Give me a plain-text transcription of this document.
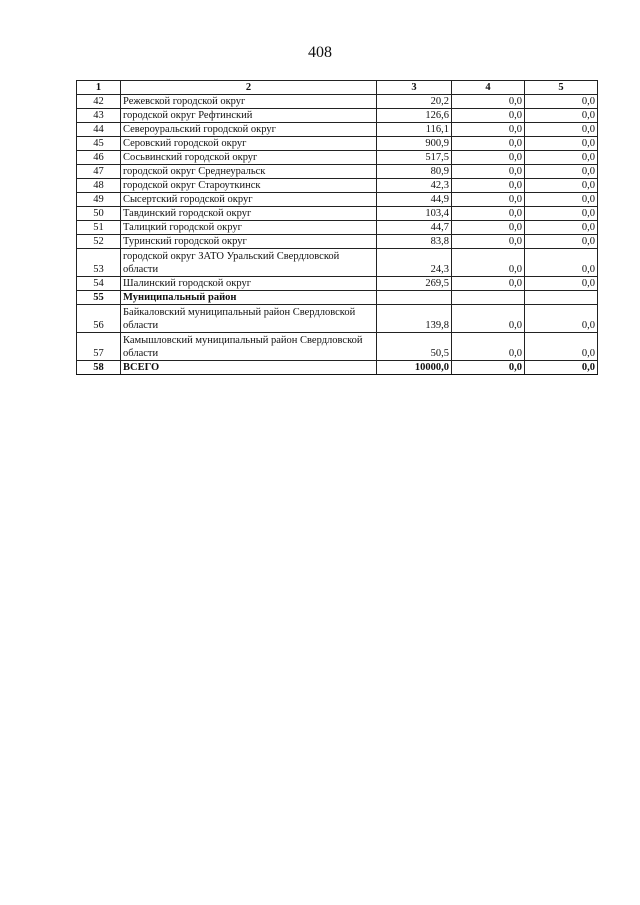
408
1	2	3	4	5
42	Режевской городской округ	20,2	0,0	0,0
43	городской округ Рефтинский	126,6	0,0	0,0
44	Североуральский городской округ	116,1	0,0	0,0
45	Серовский городской округ	900,9	0,0	0,0
46	Сосьвинский городской округ	517,5	0,0	0,0
47	городской округ Среднеуральск	80,9	0,0	0,0
48	городской округ Староуткинск	42,3	0,0	0,0
49	Сысертский городской округ	44,9	0,0	0,0
50	Тавдинский городской округ	103,4	0,0	0,0
51	Талицкий городской округ	44,7	0,0	0,0
52	Туринский городской округ	83,8	0,0	0,0
53	городской округ ЗАТО Уральский Свердловской области	24,3	0,0	0,0
54	Шалинский городской округ	269,5	0,0	0,0
55	Муниципальный район			
56	Байкаловский муниципальный район Свердловской области	139,8	0,0	0,0
57	Камышловский муниципальный район Свердловской области	50,5	0,0	0,0
58	ВСЕГО	10000,0	0,0	0,0
